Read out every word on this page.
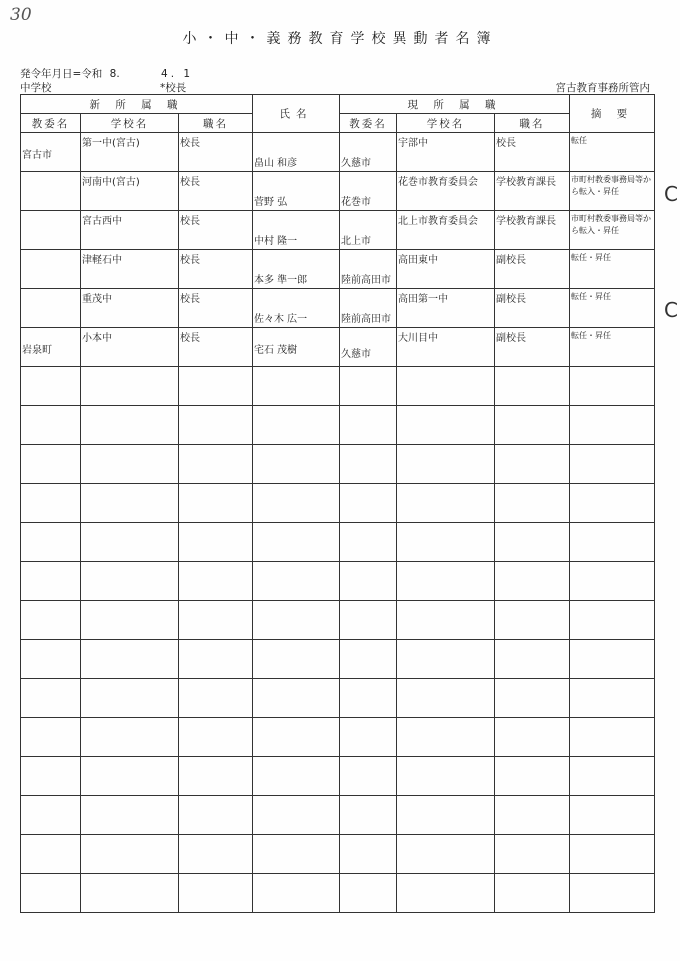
30
小・中・義務教育学校異動者名簿
発令年月日=令和 8.	4. 1
中学校	*校長	宮古教育事務所管内
C
C
新 所 属 職			氏名	現 所 属 職			摘 要
教委名	学校名	職名		教委名	学校名	職名	

宮古市	第一中(宮古)	校長	畠山 和彦	久慈市	宇部中	校長	転任

	河南中(宮古)	校長	菅野 弘	花巻市	花巻市教育委員会	学校教育課長	市町村教委事務局等から転入・昇任

	宮古西中	校長	中村 隆一	北上市	北上市教育委員会	学校教育課長	市町村教委事務局等から転入・昇任

	津軽石中	校長	本多 準一郎	陸前高田市	高田東中	副校長	転任・昇任

	重茂中	校長	佐々木 広一	陸前高田市	高田第一中	副校長	転任・昇任

岩泉町	小本中	校長	宅石 茂樹	久慈市	大川目中	副校長	転任・昇任
